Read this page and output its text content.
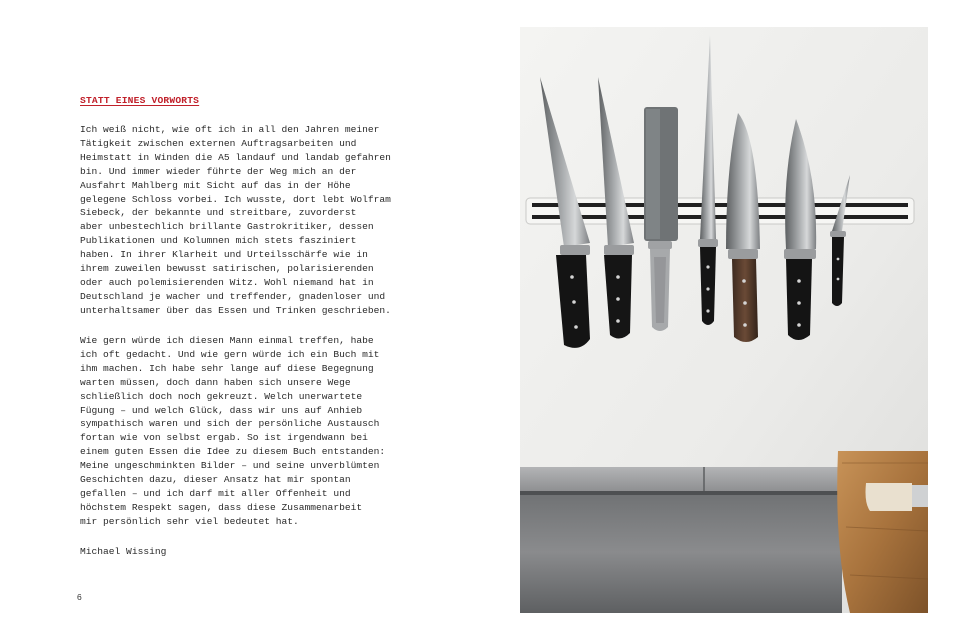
STATT EINES VORWORTS

Ich weiß nicht, wie oft ich in all den Jahren meiner
Tätigkeit zwischen externen Auftragsarbeiten und
Heimstatt in Winden die A5 landauf und landab gefahren
bin. Und immer wieder führte der Weg mich an der
Ausfahrt Mahlberg mit Sicht auf das in der Höhe
gelegene Schloss vorbei. Ich wusste, dort lebt Wolfram
Siebeck, der bekannte und streitbare, zuvorderst
aber unbestechlich brillante Gastrokritiker, dessen
Publikationen und Kolumnen mich stets fasziniert
haben. In ihrer Klarheit und Urteilsschärfe wie in
ihrem zuweilen bewusst satirischen, polarisierenden
oder auch polemisierenden Witz. Wohl niemand hat in
Deutschland je wacher und treffender, gnadenloser und
unterhaltsamer über das Essen und Trinken geschrieben.

Wie gern würde ich diesen Mann einmal treffen, habe
ich oft gedacht. Und wie gern würde ich ein Buch mit
ihm machen. Ich habe sehr lange auf diese Begegnung
warten müssen, doch dann haben sich unsere Wege
schließlich doch noch gekreuzt. Welch unerwartete
Fügung – und welch Glück, dass wir uns auf Anhieb
sympathisch waren und sich der persönliche Austausch
fortan wie von selbst ergab. So ist irgendwann bei
einem guten Essen die Idee zu diesem Buch entstanden:
Meine ungeschminkten Bilder – und seine unverblümten
Geschichten dazu, dieser Ansatz hat mir spontan
gefallen – und ich darf mit aller Offenheit und
höchstem Respekt sagen, dass diese Zusammenarbeit
mir persönlich sehr viel bedeutet hat.

Michael Wissing

6
